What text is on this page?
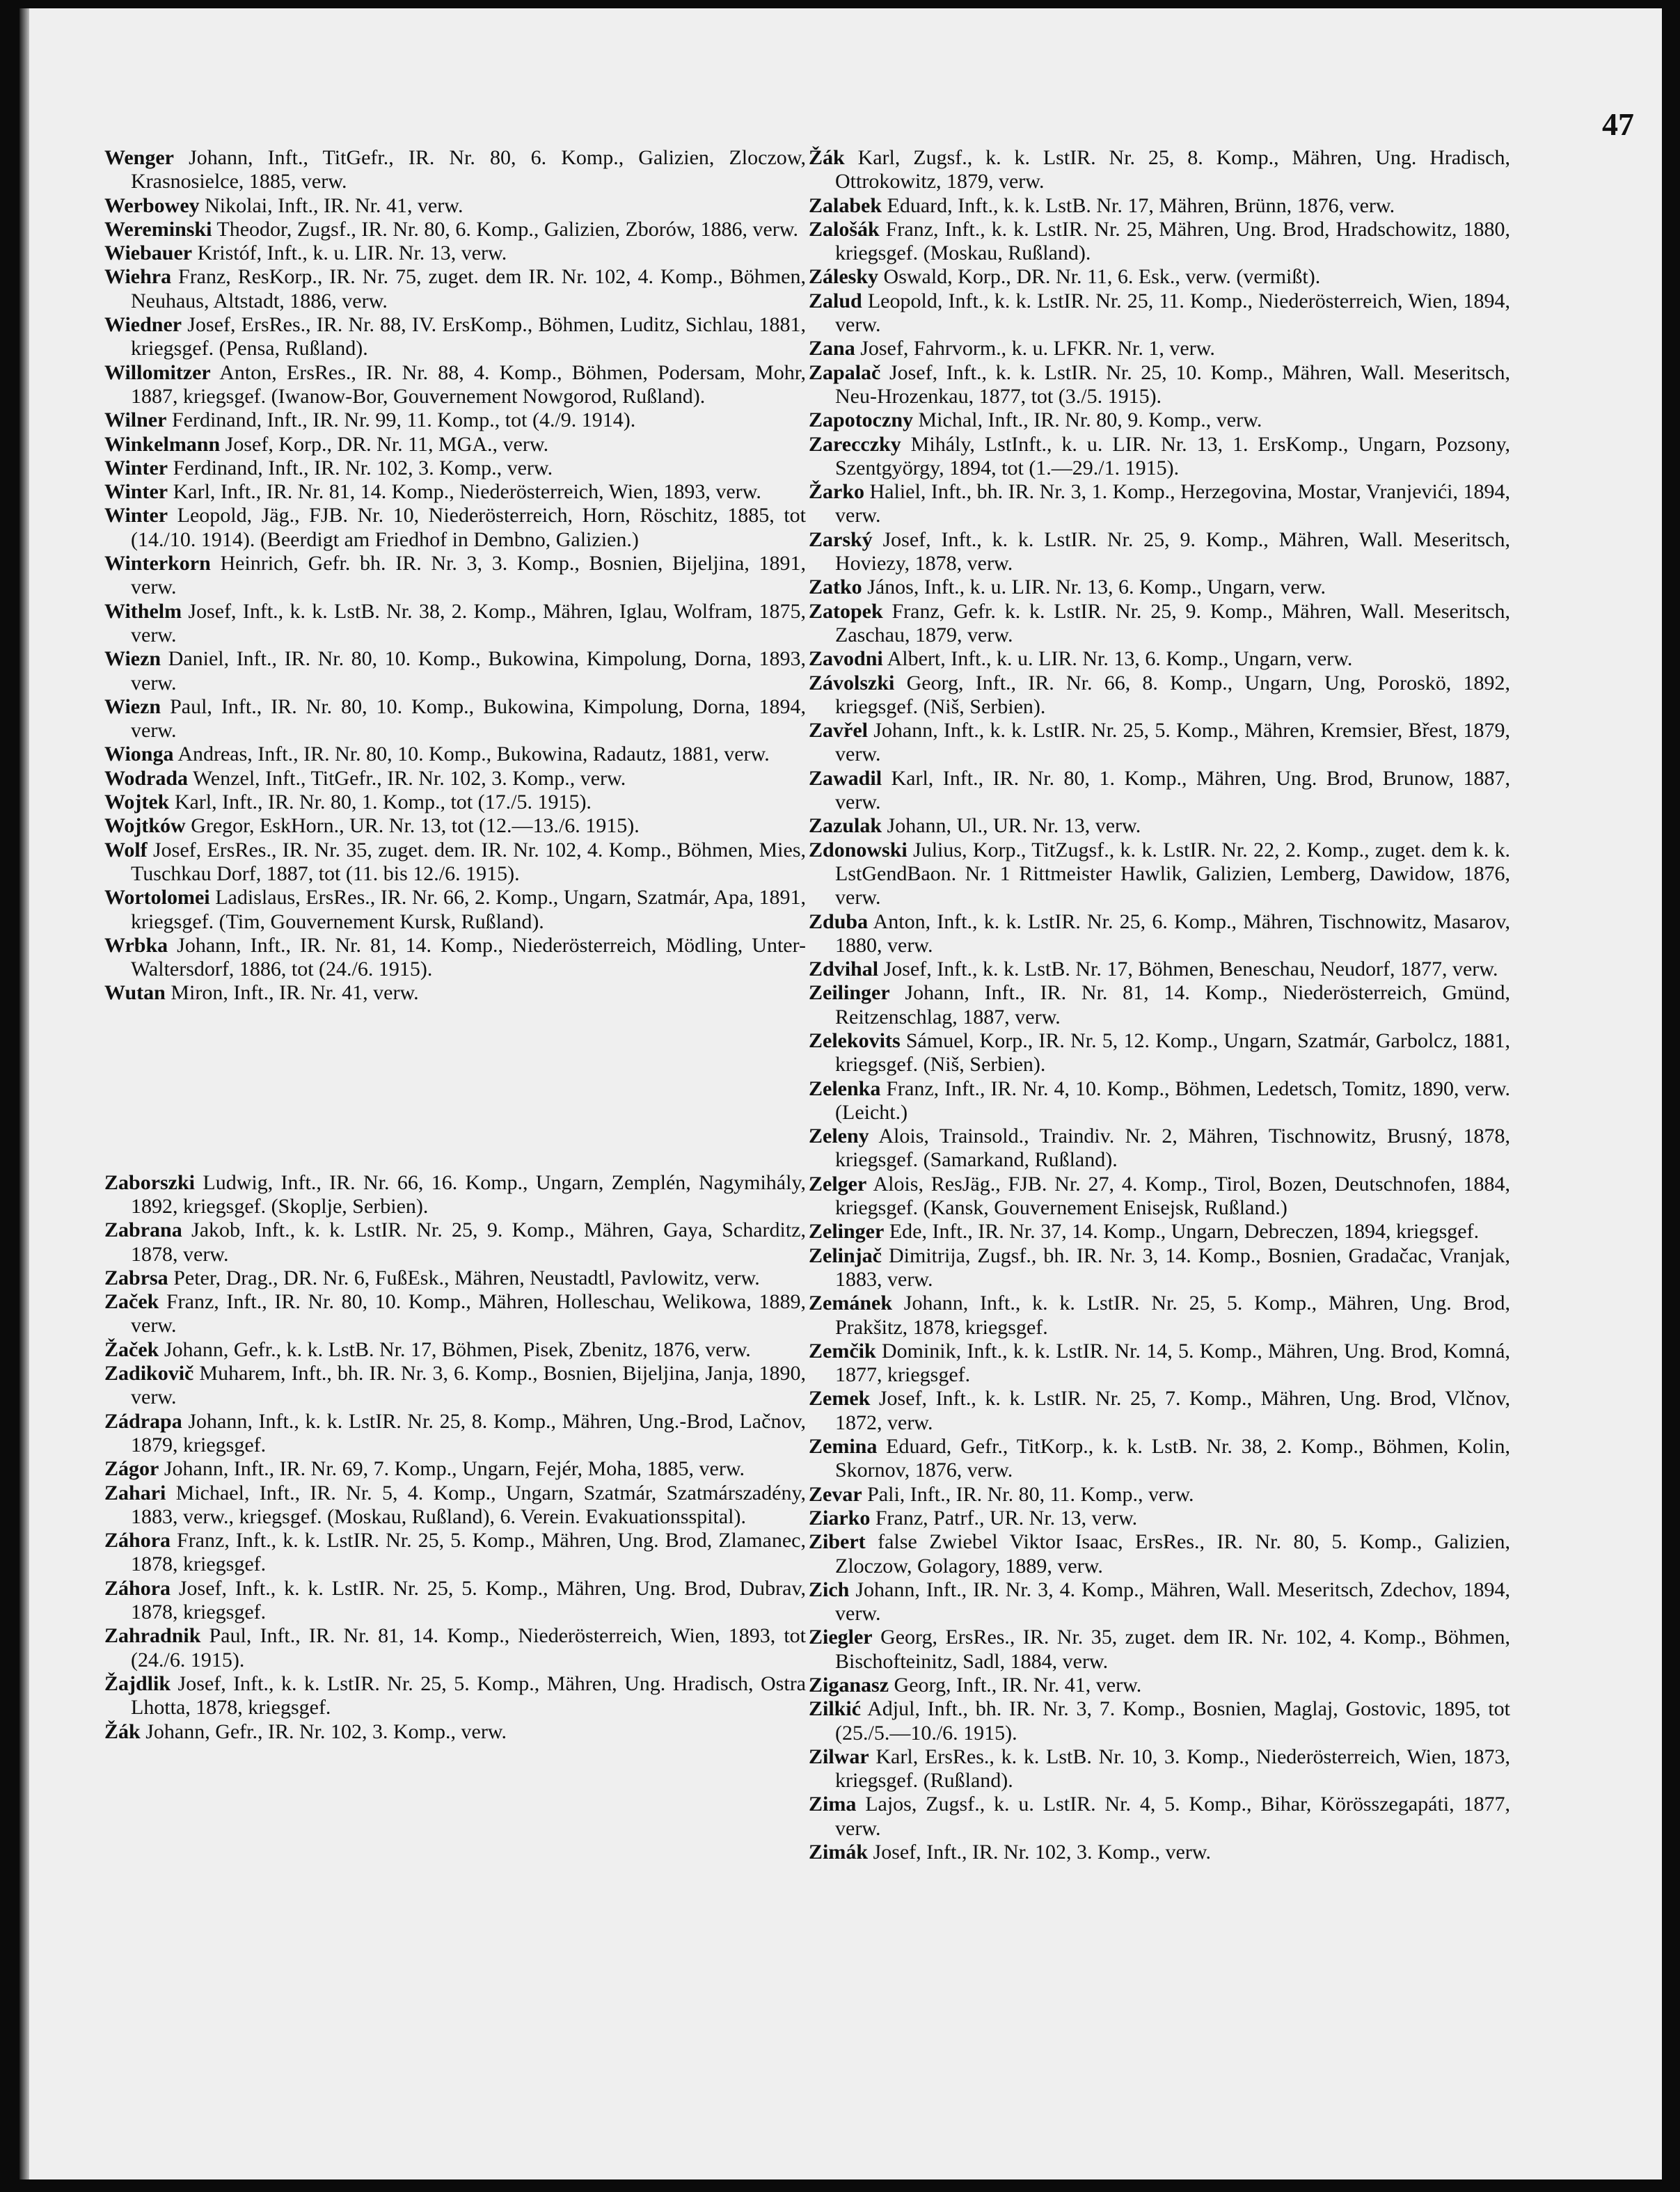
47

Wenger Johann, Inft., TitGefr., IR. Nr. 80, 6. Komp., Galizien, Zloczow, Krasnosielce, 1885, verw.

Werbowey Nikolai, Inft., IR. Nr. 41, verw.

Wereminski Theodor, Zugsf., IR. Nr. 80, 6. Komp., Galizien, Zborów, 1886, verw.

Wiebauer Kristóf, Inft., k. u. LIR. Nr. 13, verw.

Wiehra Franz, ResKorp., IR. Nr. 75, zuget. dem IR. Nr. 102, 4. Komp., Böhmen, Neuhaus, Altstadt, 1886, verw.

Wiedner Josef, ErsRes., IR. Nr. 88, IV. ErsKomp., Böhmen, Luditz, Sichlau, 1881, kriegsgef. (Pensa, Rußland).

Willomitzer Anton, ErsRes., IR. Nr. 88, 4. Komp., Böhmen, Podersam, Mohr, 1887, kriegsgef. (Iwanow-Bor, Gouvernement Nowgorod, Rußland).

Wilner Ferdinand, Inft., IR. Nr. 99, 11. Komp., tot (4./9. 1914).

Winkelmann Josef, Korp., DR. Nr. 11, MGA., verw.

Winter Ferdinand, Inft., IR. Nr. 102, 3. Komp., verw.

Winter Karl, Inft., IR. Nr. 81, 14. Komp., Niederösterreich, Wien, 1893, verw.

Winter Leopold, Jäg., FJB. Nr. 10, Niederösterreich, Horn, Röschitz, 1885, tot (14./10. 1914). (Beerdigt am Friedhof in Dembno, Galizien.)

Winterkorn Heinrich, Gefr. bh. IR. Nr. 3, 3. Komp., Bosnien, Bijeljina, 1891, verw.

Withelm Josef, Inft., k. k. LstB. Nr. 38, 2. Komp., Mähren, Iglau, Wolfram, 1875, verw.

Wiezn Daniel, Inft., IR. Nr. 80, 10. Komp., Bukowina, Kimpolung, Dorna, 1893, verw.

Wiezn Paul, Inft., IR. Nr. 80, 10. Komp., Bukowina, Kimpolung, Dorna, 1894, verw.

Wionga Andreas, Inft., IR. Nr. 80, 10. Komp., Bukowina, Radautz, 1881, verw.

Wodrada Wenzel, Inft., TitGefr., IR. Nr. 102, 3. Komp., verw.

Wojtek Karl, Inft., IR. Nr. 80, 1. Komp., tot (17./5. 1915).

Wojtków Gregor, EskHorn., UR. Nr. 13, tot (12.—13./6. 1915).

Wolf Josef, ErsRes., IR. Nr. 35, zuget. dem. IR. Nr. 102, 4. Komp., Böhmen, Mies, Tuschkau Dorf, 1887, tot (11. bis 12./6. 1915).

Wortolomei Ladislaus, ErsRes., IR. Nr. 66, 2. Komp., Ungarn, Szatmár, Apa, 1891, kriegsgef. (Tim, Gouvernement Kursk, Rußland).

Wrbka Johann, Inft., IR. Nr. 81, 14. Komp., Niederösterreich, Mödling, Unter-Waltersdorf, 1886, tot (24./6. 1915).

Wutan Miron, Inft., IR. Nr. 41, verw.

Zaborszki Ludwig, Inft., IR. Nr. 66, 16. Komp., Ungarn, Zemplén, Nagymihály, 1892, kriegsgef. (Skoplje, Serbien).

Zabrana Jakob, Inft., k. k. LstIR. Nr. 25, 9. Komp., Mähren, Gaya, Scharditz, 1878, verw.

Zabrsa Peter, Drag., DR. Nr. 6, FußEsk., Mähren, Neustadtl, Pavlowitz, verw.

Začek Franz, Inft., IR. Nr. 80, 10. Komp., Mähren, Holleschau, Welikowa, 1889, verw.

Žaček Johann, Gefr., k. k. LstB. Nr. 17, Böhmen, Pisek, Zbenitz, 1876, verw.

Zadikovič Muharem, Inft., bh. IR. Nr. 3, 6. Komp., Bosnien, Bijeljina, Janja, 1890, verw.

Zádrapa Johann, Inft., k. k. LstIR. Nr. 25, 8. Komp., Mähren, Ung.-Brod, Lačnov, 1879, kriegsgef.

Zágor Johann, Inft., IR. Nr. 69, 7. Komp., Ungarn, Fejér, Moha, 1885, verw.

Zahari Michael, Inft., IR. Nr. 5, 4. Komp., Ungarn, Szatmár, Szatmárszadény, 1883, verw., kriegsgef. (Moskau, Rußland), 6. Verein. Evakuationsspital).

Záhora Franz, Inft., k. k. LstIR. Nr. 25, 5. Komp., Mähren, Ung. Brod, Zlamanec, 1878, kriegsgef.

Záhora Josef, Inft., k. k. LstIR. Nr. 25, 5. Komp., Mähren, Ung. Brod, Dubrav, 1878, kriegsgef.

Zahradnik Paul, Inft., IR. Nr. 81, 14. Komp., Niederösterreich, Wien, 1893, tot (24./6. 1915).

Žajdlik Josef, Inft., k. k. LstIR. Nr. 25, 5. Komp., Mähren, Ung. Hradisch, Ostra Lhotta, 1878, kriegsgef.

Žák Johann, Gefr., IR. Nr. 102, 3. Komp., verw.

Žák Karl, Zugsf., k. k. LstIR. Nr. 25, 8. Komp., Mähren, Ung. Hradisch, Ottrokowitz, 1879, verw.

Zalabek Eduard, Inft., k. k. LstB. Nr. 17, Mähren, Brünn, 1876, verw.

Zalošák Franz, Inft., k. k. LstIR. Nr. 25, Mähren, Ung. Brod, Hradschowitz, 1880, kriegsgef. (Moskau, Rußland).

Zálesky Oswald, Korp., DR. Nr. 11, 6. Esk., verw. (vermißt).

Zalud Leopold, Inft., k. k. LstIR. Nr. 25, 11. Komp., Niederösterreich, Wien, 1894, verw.

Zana Josef, Fahrvorm., k. u. LFKR. Nr. 1, verw.

Zapalač Josef, Inft., k. k. LstIR. Nr. 25, 10. Komp., Mähren, Wall. Meseritsch, Neu-Hrozenkau, 1877, tot (3./5. 1915).

Zapotoczny Michal, Inft., IR. Nr. 80, 9. Komp., verw.

Zarecczky Mihály, LstInft., k. u. LIR. Nr. 13, 1. ErsKomp., Ungarn, Pozsony, Szentgyörgy, 1894, tot (1.—29./1. 1915).

Žarko Haliel, Inft., bh. IR. Nr. 3, 1. Komp., Herzegovina, Mostar, Vranjevići, 1894, verw.

Zarský Josef, Inft., k. k. LstIR. Nr. 25, 9. Komp., Mähren, Wall. Meseritsch, Hoviezy, 1878, verw.

Zatko János, Inft., k. u. LIR. Nr. 13, 6. Komp., Ungarn, verw.

Zatopek Franz, Gefr. k. k. LstIR. Nr. 25, 9. Komp., Mähren, Wall. Meseritsch, Zaschau, 1879, verw.

Zavodni Albert, Inft., k. u. LIR. Nr. 13, 6. Komp., Ungarn, verw.

Závolszki Georg, Inft., IR. Nr. 66, 8. Komp., Ungarn, Ung, Poroskö, 1892, kriegsgef. (Niš, Serbien).

Zavřel Johann, Inft., k. k. LstIR. Nr. 25, 5. Komp., Mähren, Kremsier, Břest, 1879, verw.

Zawadil Karl, Inft., IR. Nr. 80, 1. Komp., Mähren, Ung. Brod, Brunow, 1887, verw.

Zazulak Johann, Ul., UR. Nr. 13, verw.

Zdonowski Julius, Korp., TitZugsf., k. k. LstIR. Nr. 22, 2. Komp., zuget. dem k. k. LstGendBaon. Nr. 1 Rittmeister Hawlik, Galizien, Lemberg, Dawidow, 1876, verw.

Zduba Anton, Inft., k. k. LstIR. Nr. 25, 6. Komp., Mähren, Tischnowitz, Masarov, 1880, verw.

Zdvihal Josef, Inft., k. k. LstB. Nr. 17, Böhmen, Beneschau, Neudorf, 1877, verw.

Zeilinger Johann, Inft., IR. Nr. 81, 14. Komp., Niederösterreich, Gmünd, Reitzenschlag, 1887, verw.

Zelekovits Sámuel, Korp., IR. Nr. 5, 12. Komp., Ungarn, Szatmár, Garbolcz, 1881, kriegsgef. (Niš, Serbien).

Zelenka Franz, Inft., IR. Nr. 4, 10. Komp., Böhmen, Ledetsch, Tomitz, 1890, verw. (Leicht.)

Zeleny Alois, Trainsold., Traindiv. Nr. 2, Mähren, Tischnowitz, Brusný, 1878, kriegsgef. (Samarkand, Rußland).

Zelger Alois, ResJäg., FJB. Nr. 27, 4. Komp., Tirol, Bozen, Deutschnofen, 1884, kriegsgef. (Kansk, Gouvernement Enisejsk, Rußland.)

Zelinger Ede, Inft., IR. Nr. 37, 14. Komp., Ungarn, Debreczen, 1894, kriegsgef.

Zelinjač Dimitrija, Zugsf., bh. IR. Nr. 3, 14. Komp., Bosnien, Gradačac, Vranjak, 1883, verw.

Zemánek Johann, Inft., k. k. LstIR. Nr. 25, 5. Komp., Mähren, Ung. Brod, Prakšitz, 1878, kriegsgef.

Zemčik Dominik, Inft., k. k. LstIR. Nr. 14, 5. Komp., Mähren, Ung. Brod, Komná, 1877, kriegsgef.

Zemek Josef, Inft., k. k. LstIR. Nr. 25, 7. Komp., Mähren, Ung. Brod, Vlčnov, 1872, verw.

Zemina Eduard, Gefr., TitKorp., k. k. LstB. Nr. 38, 2. Komp., Böhmen, Kolin, Skornov, 1876, verw.

Zevar Pali, Inft., IR. Nr. 80, 11. Komp., verw.

Ziarko Franz, Patrf., UR. Nr. 13, verw.

Zibert false Zwiebel Viktor Isaac, ErsRes., IR. Nr. 80, 5. Komp., Galizien, Zloczow, Golagory, 1889, verw.

Zich Johann, Inft., IR. Nr. 3, 4. Komp., Mähren, Wall. Meseritsch, Zdechov, 1894, verw.

Ziegler Georg, ErsRes., IR. Nr. 35, zuget. dem IR. Nr. 102, 4. Komp., Böhmen, Bischofteinitz, Sadl, 1884, verw.

Ziganasz Georg, Inft., IR. Nr. 41, verw.

Zilkić Adjul, Inft., bh. IR. Nr. 3, 7. Komp., Bosnien, Maglaj, Gostovic, 1895, tot (25./5.—10./6. 1915).

Zilwar Karl, ErsRes., k. k. LstB. Nr. 10, 3. Komp., Niederösterreich, Wien, 1873, kriegsgef. (Rußland).

Zima Lajos, Zugsf., k. u. LstIR. Nr. 4, 5. Komp., Bihar, Körösszegapáti, 1877, verw.

Zimák Josef, Inft., IR. Nr. 102, 3. Komp., verw.
